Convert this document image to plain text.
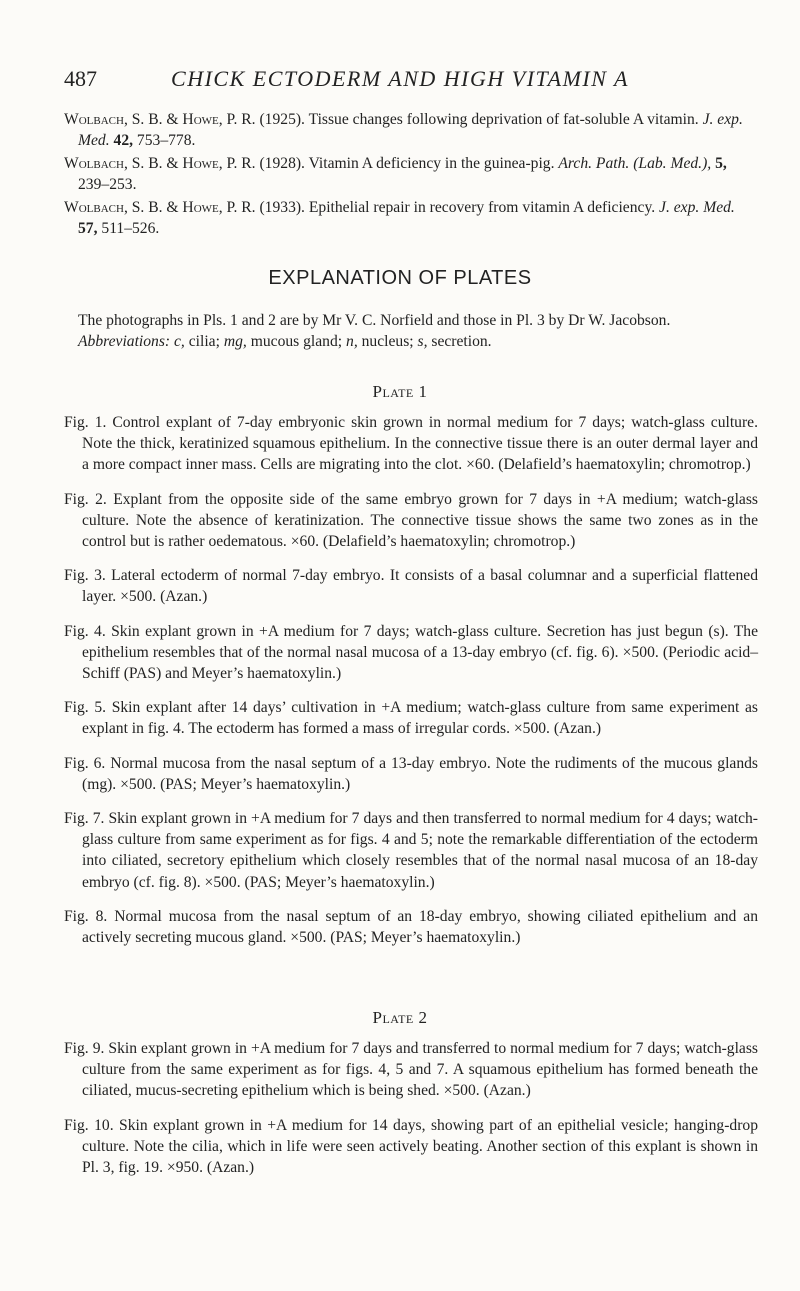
487	CHICK ECTODERM AND HIGH VITAMIN A

Wolbach, S. B. & Howe, P. R. (1925). Tissue changes following deprivation of fat-soluble A vitamin. J. exp. Med. 42, 753–778.

Wolbach, S. B. & Howe, P. R. (1928). Vitamin A deficiency in the guinea-pig. Arch. Path. (Lab. Med.), 5, 239–253.

Wolbach, S. B. & Howe, P. R. (1933). Epithelial repair in recovery from vitamin A deficiency. J. exp. Med. 57, 511–526.

EXPLANATION OF PLATES

The photographs in Pls. 1 and 2 are by Mr V. C. Norfield and those in Pl. 3 by Dr W. Jacobson.

Abbreviations: c, cilia; mg, mucous gland; n, nucleus; s, secretion.

Plate 1

Fig. 1. Control explant of 7-day embryonic skin grown in normal medium for 7 days; watch-glass culture. Note the thick, keratinized squamous epithelium. In the connective tissue there is an outer dermal layer and a more compact inner mass. Cells are migrating into the clot. ×60. (Delafield’s haematoxylin; chromotrop.)

Fig. 2. Explant from the opposite side of the same embryo grown for 7 days in +A medium; watch-glass culture. Note the absence of keratinization. The connective tissue shows the same two zones as in the control but is rather oedematous. ×60. (Delafield’s haematoxylin; chromotrop.)

Fig. 3. Lateral ectoderm of normal 7-day embryo. It consists of a basal columnar and a superficial flattened layer. ×500. (Azan.)

Fig. 4. Skin explant grown in +A medium for 7 days; watch-glass culture. Secretion has just begun (s). The epithelium resembles that of the normal nasal mucosa of a 13-day embryo (cf. fig. 6). ×500. (Periodic acid–Schiff (PAS) and Meyer’s haematoxylin.)

Fig. 5. Skin explant after 14 days’ cultivation in +A medium; watch-glass culture from same experiment as explant in fig. 4. The ectoderm has formed a mass of irregular cords. ×500. (Azan.)

Fig. 6. Normal mucosa from the nasal septum of a 13-day embryo. Note the rudiments of the mucous glands (mg). ×500. (PAS; Meyer’s haematoxylin.)

Fig. 7. Skin explant grown in +A medium for 7 days and then transferred to normal medium for 4 days; watch-glass culture from same experiment as for figs. 4 and 5; note the remarkable differentiation of the ectoderm into ciliated, secretory epithelium which closely resembles that of the normal nasal mucosa of an 18-day embryo (cf. fig. 8). ×500. (PAS; Meyer’s haematoxylin.)

Fig. 8. Normal mucosa from the nasal septum of an 18-day embryo, showing ciliated epithelium and an actively secreting mucous gland. ×500. (PAS; Meyer’s haematoxylin.)

Plate 2

Fig. 9. Skin explant grown in +A medium for 7 days and transferred to normal medium for 7 days; watch-glass culture from the same experiment as for figs. 4, 5 and 7. A squamous epithelium has formed beneath the ciliated, mucus-secreting epithelium which is being shed. ×500. (Azan.)

Fig. 10. Skin explant grown in +A medium for 14 days, showing part of an epithelial vesicle; hanging-drop culture. Note the cilia, which in life were seen actively beating. Another section of this explant is shown in Pl. 3, fig. 19. ×950. (Azan.)
